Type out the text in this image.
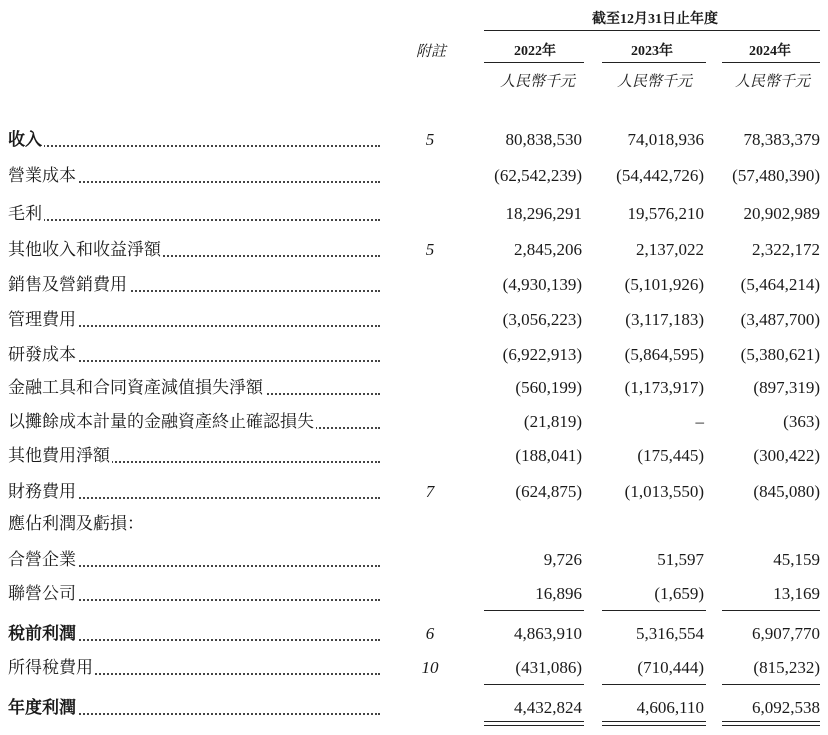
截至12月31日止年度
附註	2022年	2023年	2024年
人民幣千元	人民幣千元	人民幣千元
收入	5	80,838,530	74,018,936 78,383,379
營業成本	(62,542,239) (54,442,726) (57,480,390)
毛利	18,296,291	19,576,210 20,902,989
其他收入和收益淨額	5	2,845,206	2,137,022	2,322,172
銷售及營銷費用	(4,930,139)	(5,101,926) (5,464,214)
管理費用	(3,056,223)	(3,117,183) (3,487,700)
研發成本	(6,922,913)	(5,864,595) (5,380,621)
金融工具和合同資產減值損失淨額	(560,199)	(1,173,917)	(897,319)
以攤餘成本計量的金融資產終止確認損失	(21,819)	–	(363)
其他費用淨額	(188,041)	(175,445)	(300,422)
財務費用	7	(624,875)	(1,013,550)	(845,080)
應佔利潤及虧損：
合營企業	9,726	51,597	45,159
聯營公司	16,896	(1,659)	13,169
稅前利潤	6	4,863,910	5,316,554	6,907,770
所得稅費用	10	(431,086)	(710,444)	(815,232)
年度利潤	4,432,824	4,606,110	6,092,538
